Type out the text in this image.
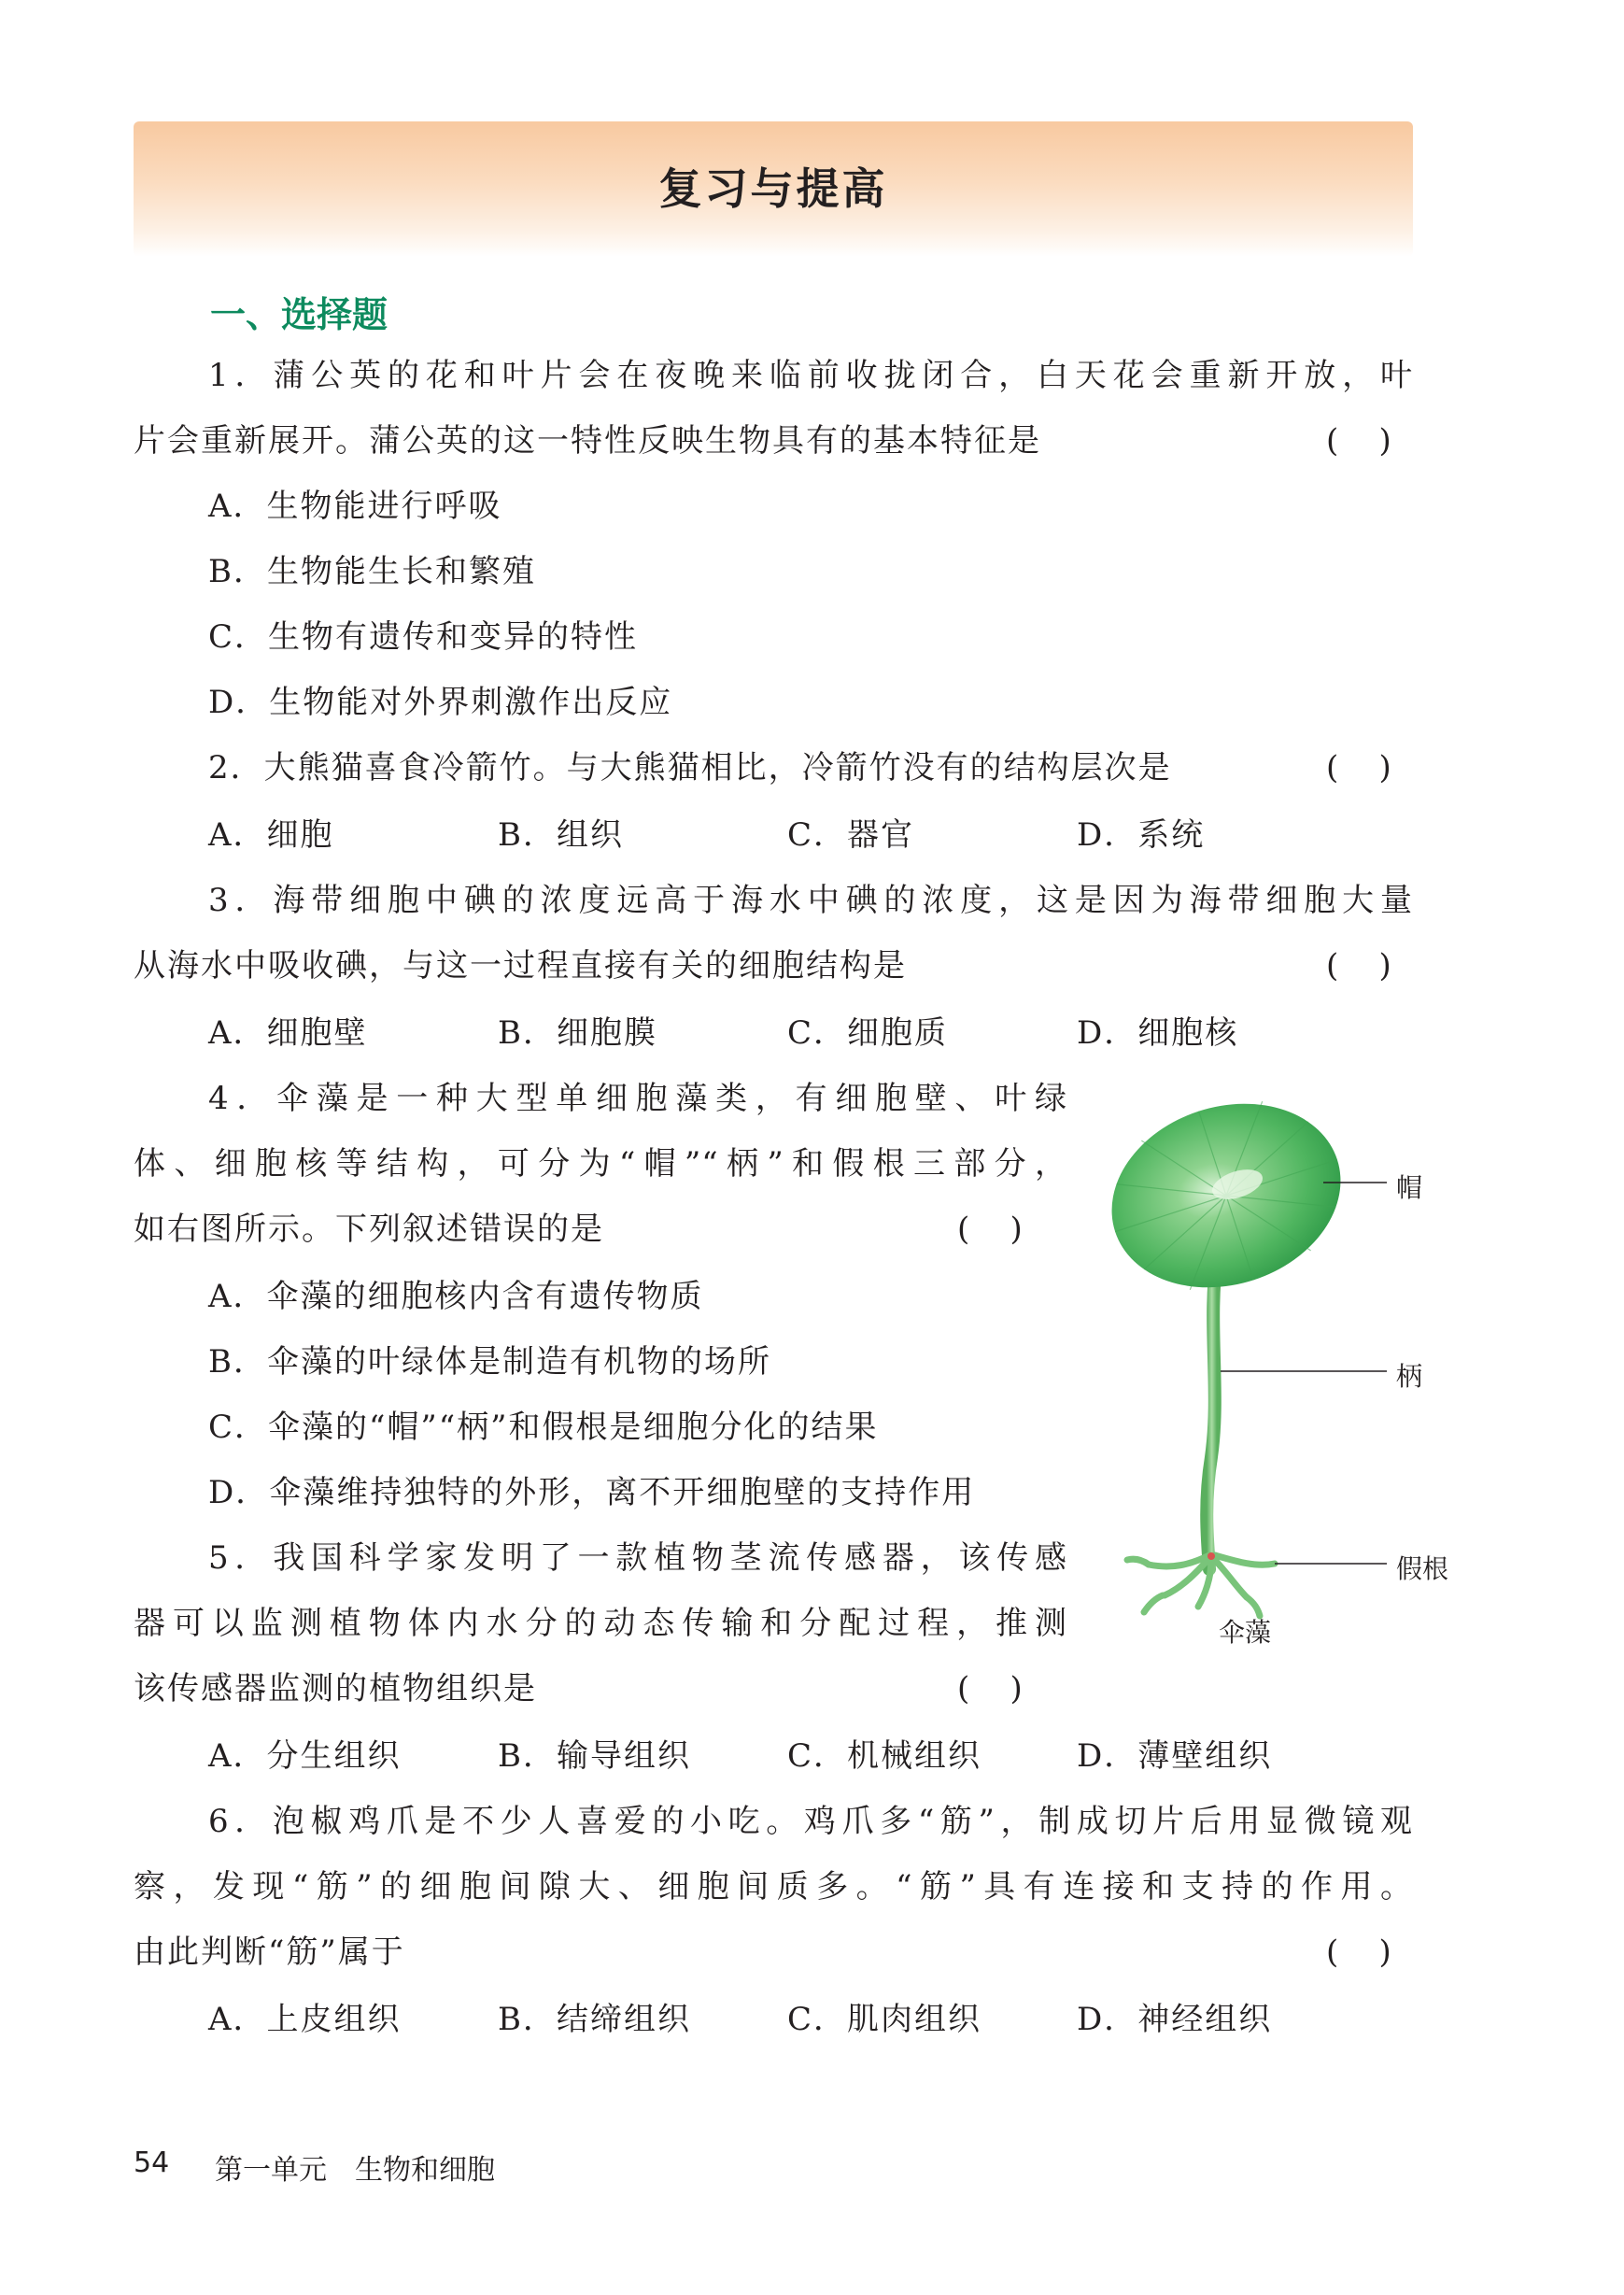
复习与提高
一、选择题

1．蒲公英的花和叶片会在夜晚来临前收拢闭合，白天花会重新开放，叶

片会重新展开。蒲公英的这一特性反映生物具有的基本特征是	(    )

A．生物能进行呼吸

B．生物能生长和繁殖

C．生物有遗传和变异的特性

D．生物能对外界刺激作出反应

2．大熊猫喜食冷箭竹。与大熊猫相比，冷箭竹没有的结构层次是	(    )
A．细胞	B．组织	C．器官	D．系统

3．海带细胞中碘的浓度远高于海水中碘的浓度，这是因为海带细胞大量

从海水中吸收碘，与这一过程直接有关的细胞结构是	(    )
A．细胞壁	B．细胞膜	C．细胞质	D．细胞核

4．伞藻是一种大型单细胞藻类，有细胞壁、叶绿

体、细胞核等结构，可分为“帽”“柄”和假根三部分，

如右图所示。下列叙述错误的是	(    )

A．伞藻的细胞核内含有遗传物质

B．伞藻的叶绿体是制造有机物的场所

C．伞藻的“帽”“柄”和假根是细胞分化的结果

D．伞藻维持独特的外形，离不开细胞壁的支持作用

5．我国科学家发明了一款植物茎流传感器，该传感

器可以监测植物体内水分的动态传输和分配过程，推测

该传感器监测的植物组织是	(    )
A．分生组织	B．输导组织	C．机械组织	D．薄壁组织

6．泡椒鸡爪是不少人喜爱的小吃。鸡爪多“筋”，制成切片后用显微镜观

察，发现“筋”的细胞间隙大、细胞间质多。“筋”具有连接和支持的作用。

由此判断“筋”属于	(    )
A．上皮组织	B．结缔组织	C．肌肉组织	D．神经组织
帽
柄
假根
伞藻
54 第一单元 生物和细胞
